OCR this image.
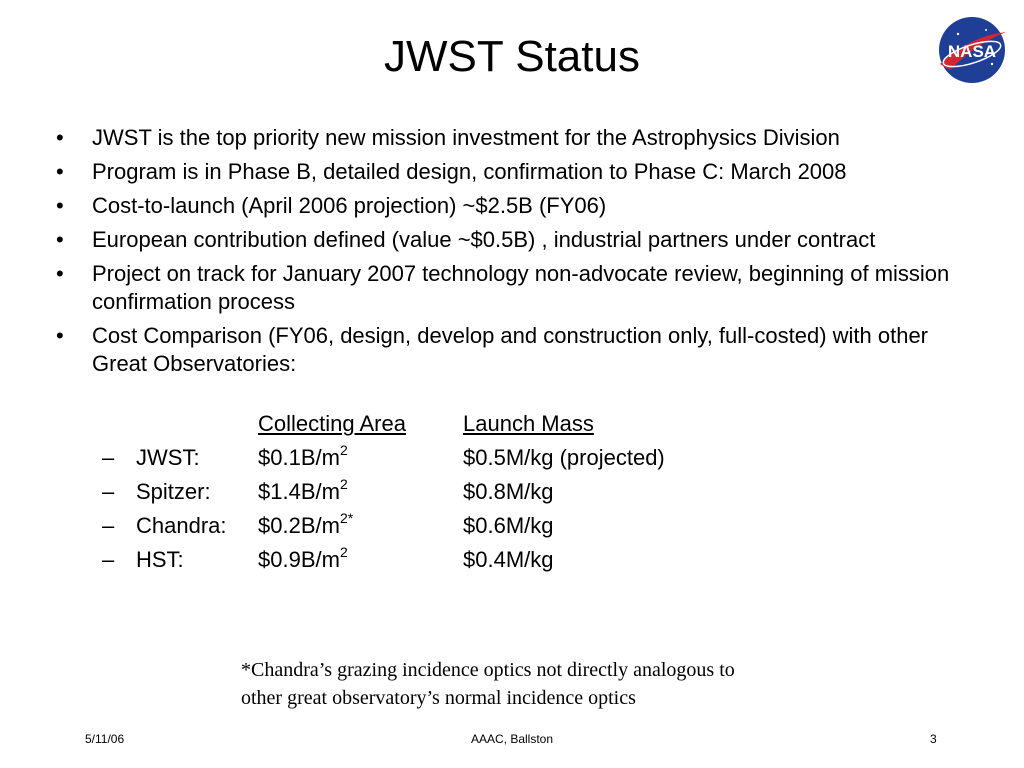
JWST Status	NASA
• JWST is the top priority new mission investment for the Astrophysics Division
• Program is in Phase B, detailed design, confirmation to Phase C: March 2008
• Cost-to-launch (April 2006 projection) ~$2.5B (FY06)
• European contribution defined (value ~$0.5B) , industrial partners under contract
• Project on track for January 2007 technology non-advocate review, beginning of mission confirmation process
• Cost Comparison (FY06, design, develop and construction only, full-costed) with other Great Observatories:
Collecting Area	Launch Mass
– JWST:	$\$0.1B/m^2$	$0.5M/kg (projected)
– Spitzer: $\$1.4B/m^2$	$0.8M/kg
– Chandra: $\$0.2B/m^{2*}$	$0.6M/kg
– HST:	$\$0.9B/m^2$	$0.4M/kg
*Chandra’s grazing incidence optics not directly analogous to
other great observatory’s normal incidence optics
5/11/06	AAAC, Ballston	3
